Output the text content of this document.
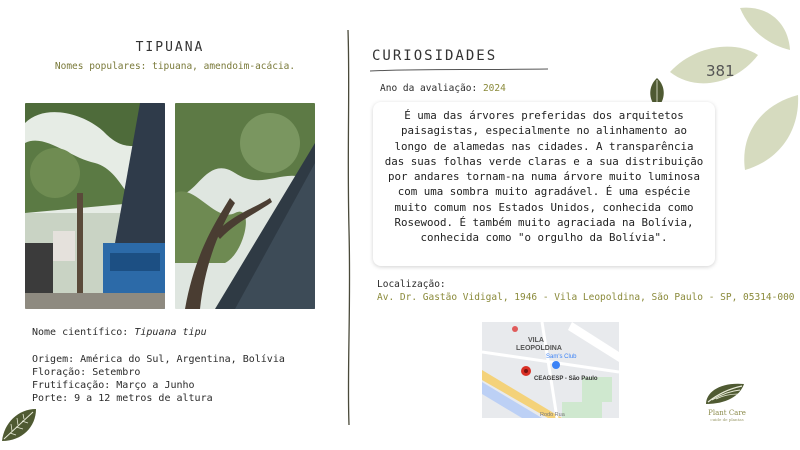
381
TIPUANA
Nomes populares: tipuana, amendoim-acácia.
Nome científico: Tipuana tipu
Origem: América do Sul, Argentina, Bolívia
Floração: Setembro
Frutificação: Março a Junho
Porte: 9 a 12 metros de altura
CURIOSIDADES
Ano da avaliação: 2024
É uma das árvores preferidas dos arquitetos paisagistas, especialmente no alinhamento ao longo de alamedas nas cidades. A transparência das suas folhas verde claras e a sua distribuição por andares tornam-na numa árvore muito luminosa com uma sombra muito agradável. É uma espécie muito comum nos Estados Unidos, conhecida como Rosewood. É também muito agraciada na Bolívia, conhecida como "o orgulho da Bolívia".
Localização:
Av. Dr. Gastão Vidigal, 1946 - Vila Leopoldina, São Paulo - SP, 05314-000
VILA
LEOPOLDINA
Sam's Club
CEAGESP - São Paulo
Rodo Rua	Plant Care
cuide de plantas
